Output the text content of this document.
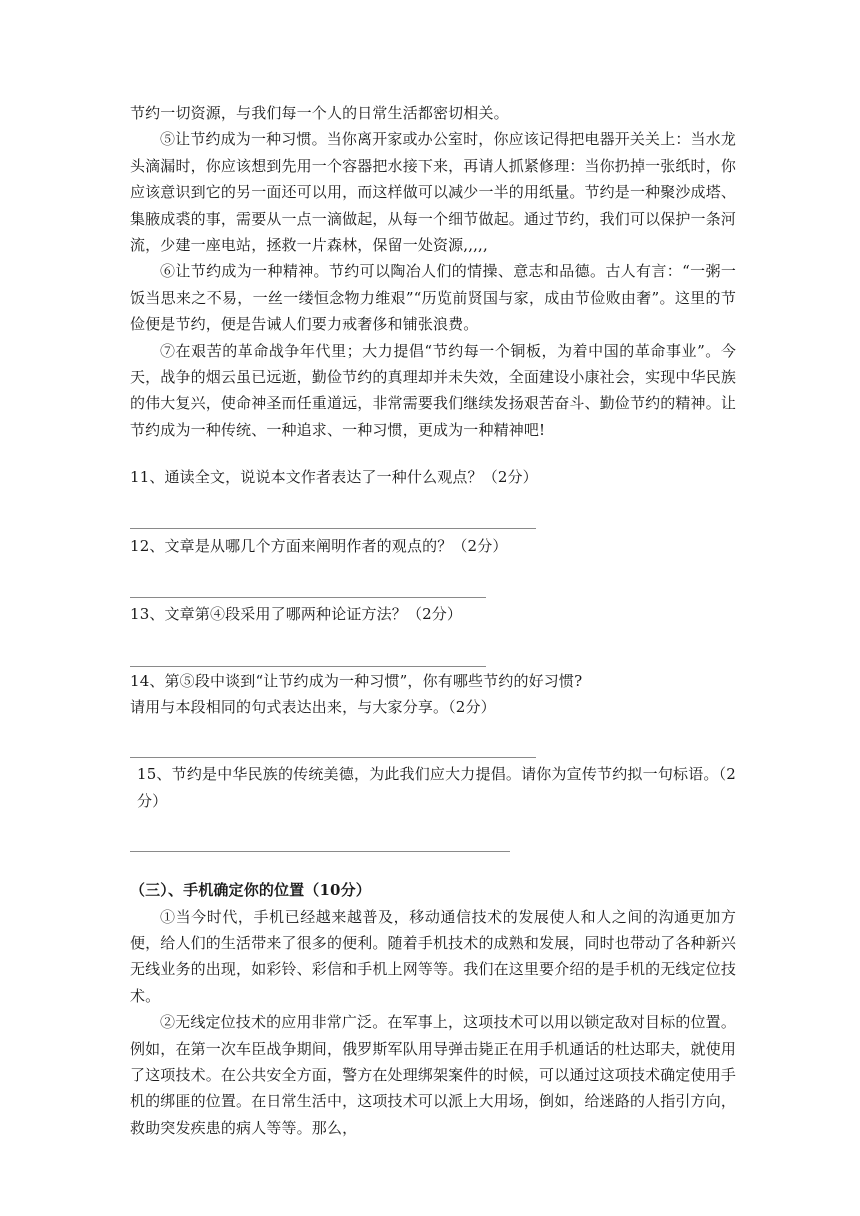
节约一切资源，与我们每一个人的日常生活都密切相关。

⑤让节约成为一种习惯。当你离开家或办公室时，你应该记得把电器开关关上：当水龙头滴漏时，你应该想到先用一个容器把水接下来，再请人抓紧修理：当你扔掉一张纸时，你应该意识到它的另一面还可以用，而这样做可以减少一半的用纸量。节约是一种聚沙成塔、集腋成裘的事，需要从一点一滴做起，从每一个细节做起。通过节约，我们可以保护一条河流，少建一座电站，拯救一片森林，保留一处资源,,,,,

⑥让节约成为一种精神。节约可以陶冶人们的情操、意志和品德。古人有言：“一粥一饭当思来之不易，一丝一缕恒念物力维艰”“历览前贤国与家，成由节俭败由奢”。这里的节俭便是节约，便是告诫人们要力戒奢侈和铺张浪费。

⑦在艰苦的革命战争年代里；大力提倡“节约每一个铜板，为着中国的革命事业”。今天，战争的烟云虽已远逝，勤俭节约的真理却并未失效，全面建设小康社会，实现中华民族的伟大复兴，使命神圣而任重道远，非常需要我们继续发扬艰苦奋斗、勤俭节约的精神。让节约成为一种传统、一种追求、一种习惯，更成为一种精神吧!

11、通读全文，说说本文作者表达了一种什么观点？（2分）

12、文章是从哪几个方面来阐明作者的观点的？（2分）

13、文章第④段采用了哪两种论证方法？（2分）

14、第⑤段中谈到“让节约成为一种习惯”，你有哪些节约的好习惯?

请用与本段相同的句式表达出来，与大家分享。（2分）

15、节约是中华民族的传统美德，为此我们应大力提倡。请你为宣传节约拟一句标语。（2分）

（三）、手机确定你的位置（10分）

①当今时代，手机已经越来越普及，移动通信技术的发展使人和人之间的沟通更加方便，给人们的生活带来了很多的便利。随着手机技术的成熟和发展，同时也带动了各种新兴无线业务的出现，如彩铃、彩信和手机上网等等。我们在这里要介绍的是手机的无线定位技术。

②无线定位技术的应用非常广泛。在军事上，这项技术可以用以锁定敌对目标的位置。例如，在第一次车臣战争期间，俄罗斯军队用导弹击毙正在用手机通话的杜达耶夫，就使用了这项技术。在公共安全方面，警方在处理绑架案件的时候，可以通过这项技术确定使用手机的绑匪的位置。在日常生活中，这项技术可以派上大用场，倒如，给迷路的人指引方向，救助突发疾患的病人等等。那么，
